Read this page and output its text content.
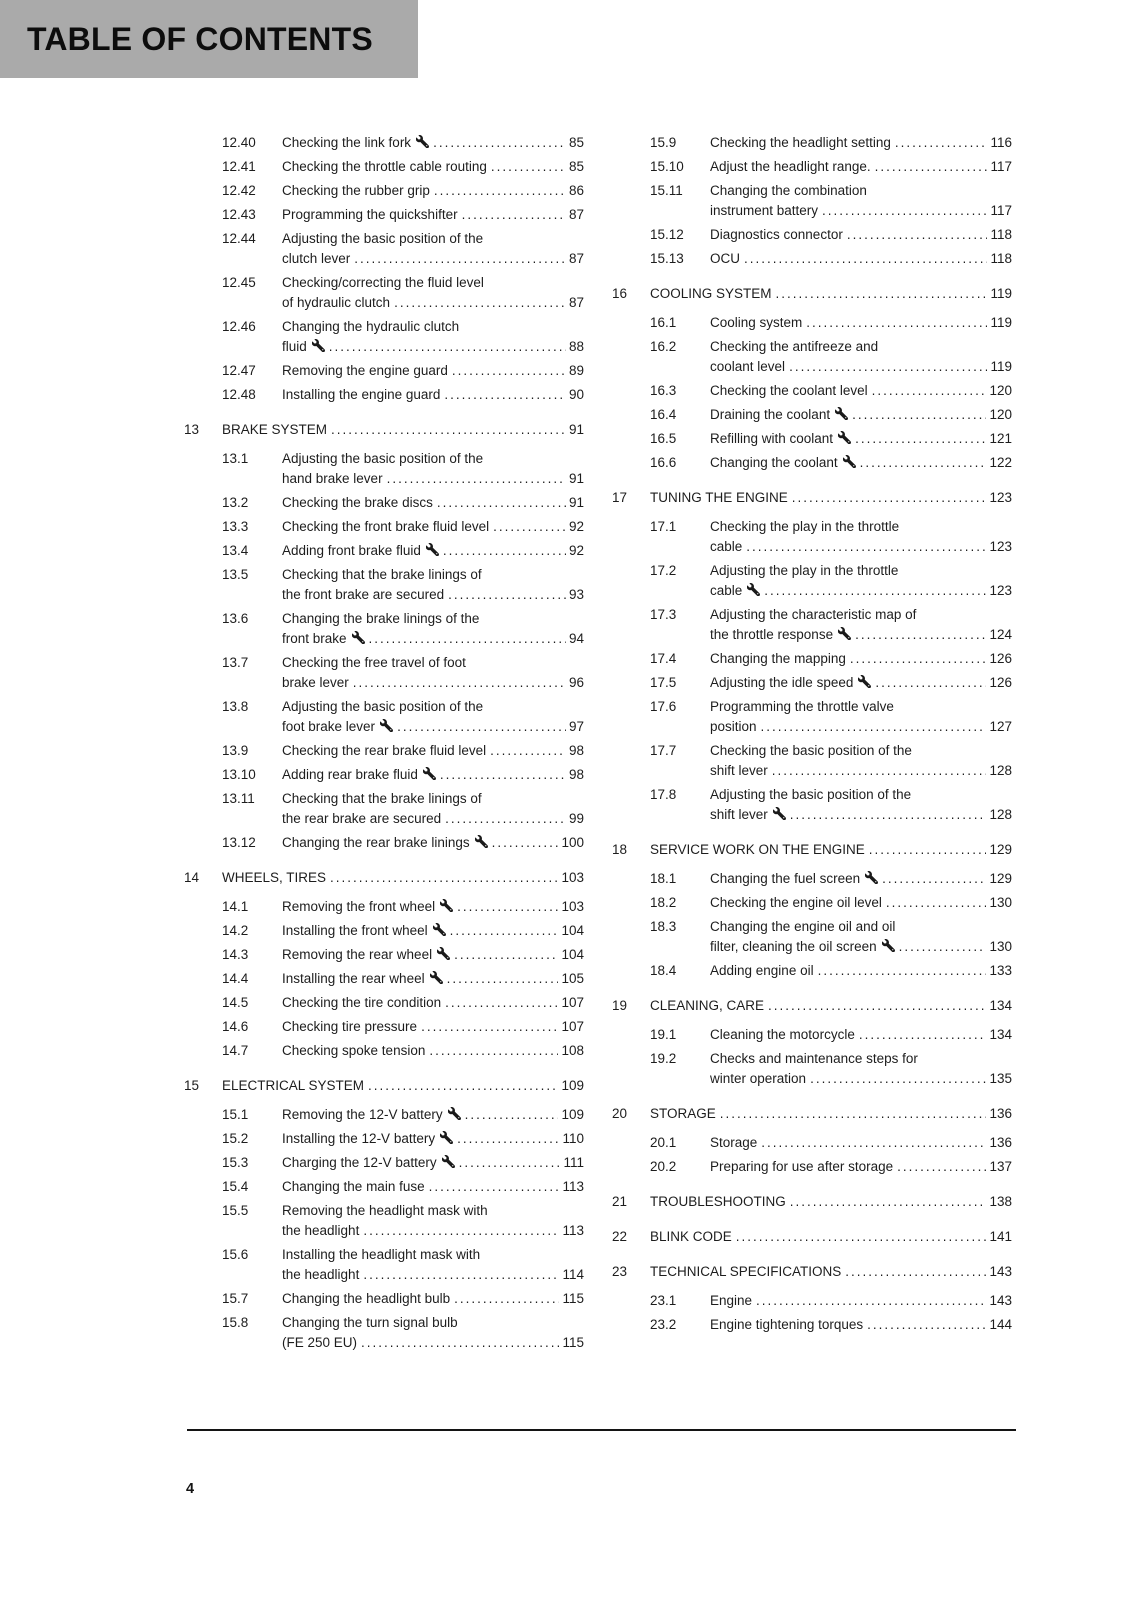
TABLE OF CONTENTS
12.40	Checking the link fork .....	85
12.41	Checking the throttle cable routing .....	85
12.42	Checking the rubber grip .....	86
12.43	Programming the quickshifter .....	87
12.44	Adjusting the basic position of the
clutch lever .....	87
12.45	Checking/correcting the fluid level
of hydraulic clutch .....	87
12.46	Changing the hydraulic clutch
fluid .....	88
12.47	Removing the engine guard .....	89
12.48	Installing the engine guard .....	90
13	BRAKE SYSTEM .....	91
13.1	Adjusting the basic position of the
hand brake lever .....	91
13.2	Checking the brake discs .....	91
13.3	Checking the front brake fluid level .....	92
13.4	Adding front brake fluid .....	92
13.5	Checking that the brake linings of
the front brake are secured .....	93
13.6	Changing the brake linings of the
front brake .....	94
13.7	Checking the free travel of foot
brake lever .....	96
13.8	Adjusting the basic position of the
foot brake lever .....	97
13.9	Checking the rear brake fluid level .....	98
13.10	Adding rear brake fluid .....	98
13.11	Checking that the brake linings of
the rear brake are secured .....	99
13.12	Changing the rear brake linings .....	100
14	WHEELS, TIRES .....	103
14.1	Removing the front wheel .....	103
14.2	Installing the front wheel .....	104
14.3	Removing the rear wheel .....	104
14.4	Installing the rear wheel .....	105
14.5	Checking the tire condition .....	107
14.6	Checking tire pressure .....	107
14.7	Checking spoke tension .....	108
15	ELECTRICAL SYSTEM .....	109
15.1	Removing the 12-V battery .....	109
15.2	Installing the 12-V battery .....	110
15.3	Charging the 12-V battery .....	111
15.4	Changing the main fuse .....	113
15.5	Removing the headlight mask with
the headlight .....	113
15.6	Installing the headlight mask with
the headlight .....	114
15.7	Changing the headlight bulb .....	115
15.8	Changing the turn signal bulb
(FE 250 EU) .....	115
15.9	Checking the headlight setting .....	116
15.10	Adjust the headlight range. .....	117
15.11	Changing the combination
instrument battery .....	117
15.12	Diagnostics connector .....	118
15.13	OCU .....	118
16	COOLING SYSTEM .....	119
16.1	Cooling system .....	119
16.2	Checking the antifreeze and
coolant level .....	119
16.3	Checking the coolant level .....	120
16.4	Draining the coolant .....	120
16.5	Refilling with coolant .....	121
16.6	Changing the coolant .....	122
17	TUNING THE ENGINE .....	123
17.1	Checking the play in the throttle
cable .....	123
17.2	Adjusting the play in the throttle
cable .....	123
17.3	Adjusting the characteristic map of
the throttle response .....	124
17.4	Changing the mapping .....	126
17.5	Adjusting the idle speed .....	126
17.6	Programming the throttle valve
position .....	127
17.7	Checking the basic position of the
shift lever .....	128
17.8	Adjusting the basic position of the
shift lever .....	128
18	SERVICE WORK ON THE ENGINE .....	129
18.1	Changing the fuel screen .....	129
18.2	Checking the engine oil level .....	130
18.3	Changing the engine oil and oil
filter, cleaning the oil screen .....	130
18.4	Adding engine oil .....	133
19	CLEANING, CARE .....	134
19.1	Cleaning the motorcycle .....	134
19.2	Checks and maintenance steps for
winter operation .....	135
20	STORAGE .....	136
20.1	Storage .....	136
20.2	Preparing for use after storage .....	137
21	TROUBLESHOOTING .....	138
22	BLINK CODE .....	141
23	TECHNICAL SPECIFICATIONS .....	143
23.1	Engine .....	143
23.2	Engine tightening torques .....	144
4
